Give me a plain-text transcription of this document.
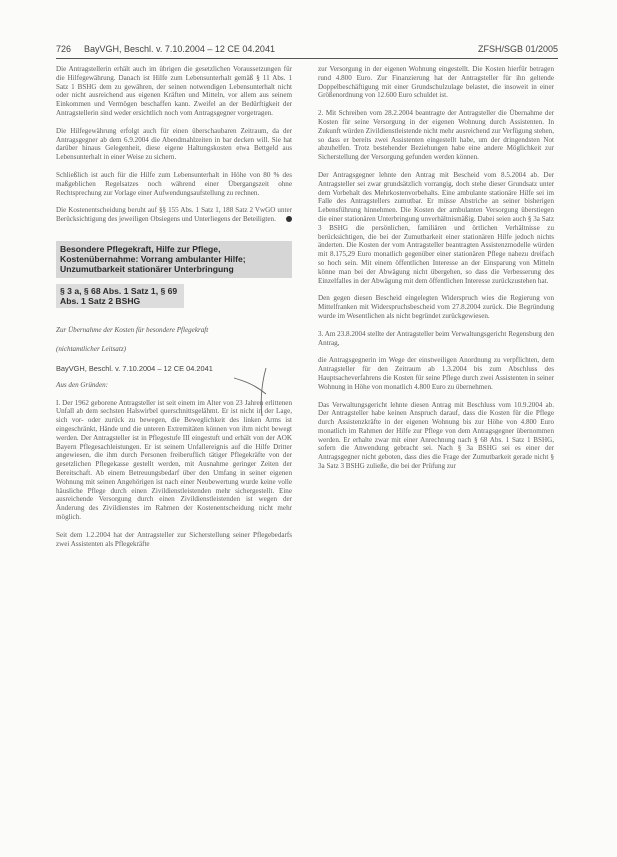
726 BayVGH, Beschl. v. 7.10.2004 – 12 CE 04.2041	ZFSH/SGB 01/2005

Die Antragstellerin erhält auch im übrigen die gesetzlichen Voraussetzungen für die Hilfegewährung. Danach ist Hilfe zum Lebensunterhalt gemäß § 11 Abs. 1 Satz 1 BSHG dem zu gewähren, der seinen notwendigen Lebensunterhalt nicht oder nicht ausreichend aus eigenen Kräften und Mitteln, vor allem aus seinem Einkommen und Vermögen beschaffen kann. Zweifel an der Bedürftigkeit der Antragstellerin sind weder ersichtlich noch vom Antragsgegner vorgetragen.

Die Hilfegewährung erfolgt auch für einen überschaubaren Zeitraum, da der Antragsgegner ab dem 6.9.2004 die Abendmahlzeiten in bar decken will. Sie hat darüber hinaus Gelegenheit, diese eigene Haltungskosten etwa Bettgeld aus Lebensunterhalt in einer Weise zu sichern.

Schließlich ist auch für die Hilfe zum Lebensunterhalt in Höhe von 80 % des maßgeblichen Regelsatzes noch während einer Übergangszeit ohne Rechtsprechung zur Vorlage einer Aufwendungsaufstellung zu rechnen.

Die Kostenentscheidung beruht auf §§ 155 Abs. 1 Satz 1, 188 Satz 2 VwGO unter Berücksichtigung des jeweiligen Obsiegens und Unterliegens der Beteiligten.

Besondere Pflegekraft, Hilfe zur Pflege, Kostenübernahme: Vorrang ambulanter Hilfe; Unzumutbarkeit stationärer Unterbringung
§ 3 a, § 68 Abs. 1 Satz 1, § 69 Abs. 1 Satz 2 BSHG

Zur Übernahme der Kosten für besondere Pflegekraft

(nichtamtlicher Leitsatz)

BayVGH, Beschl. v. 7.10.2004 – 12 CE 04.2041

Aus den Gründen:

I. Der 1962 geborene Antragsteller ist seit einem im Alter von 23 Jahren erlittenen Unfall ab dem sechsten Halswirbel querschnittsgelähmt. Er ist nicht in der Lage, sich vor- oder zurück zu bewegen, die Beweglichkeit des linken Arms ist eingeschränkt, Hände und die unteren Extremitäten können von ihm nicht bewegt werden. Der Antragsteller ist in Pflegestufe III eingestuft und erhält von der AOK Bayern Pflegesachleistungen. Er ist seinem Unfallereignis auf die Hilfe Dritter angewiesen, die ihm durch Personen freiberuflich tätiger Pflegekräfte von der gesetzlichen Pflegekasse gestellt werden, mit Ausnahme geringer Zeiten der Bereitschaft. Ab einem Betreuungsbedarf über den Umfang in seiner eigenen Wohnung mit seinen Angehörigen ist nach einer Neubewertung wurde keine volle häusliche Pflege durch einen Zivildienstleistenden mehr sichergestellt. Eine ausreichende Versorgung durch einen Zivildienstleistenden ist wegen der Änderung des Zivildienstes im Rahmen der Kostenentscheidung nicht mehr möglich.

Seit dem 1.2.2004 hat der Antragsteller zur Sicherstellung seiner Pflegebedarfs zwei Assistenten als Pflegekräfte

zur Versorgung in der eigenen Wohnung eingestellt. Die Kosten hierfür betragen rund 4.800 Euro. Zur Finanzierung hat der Antragsteller für ihn geltende Doppelbeschäftigung mit einer Grundschulzulage belastet, die insoweit in einer Größenordnung von 12.600 Euro schuldet ist.

2. Mit Schreiben vom 28.2.2004 beantragte der Antragsteller die Übernahme der Kosten für seine Versorgung in der eigenen Wohnung durch Assistenten. In Zukunft würden Zivildienstleistende nicht mehr ausreichend zur Verfügung stehen, so dass er bereits zwei Assistenten eingestellt habe, um der dringendsten Not abzuhelfen. Trotz bestehender Beziehungen habe eine andere Möglichkeit zur Sicherstellung der Versorgung gefunden werden können.

Der Antragsgegner lehnte den Antrag mit Bescheid vom 8.5.2004 ab. Der Antragsteller sei zwar grundsätzlich vorrangig, doch stehe dieser Grundsatz unter dem Vorbehalt des Mehrkostenvorbehalts. Eine ambulante stationäre Hilfe sei im Falle des Antragstellers zumutbar. Er müsse Abstriche an seiner bisherigen Lebensführung hinnehmen. Die Kosten der ambulanten Versorgung überstiegen die einer stationären Unterbringung unverhältnismäßig. Dabei seien auch § 3a Satz 3 BSHG die persönlichen, familiären und örtlichen Verhältnisse zu berücksichtigen, die bei der Zumutbarkeit einer stationären Hilfe jedoch nichts änderten. Die Kosten der vom Antragsteller beantragten Assistenzmodelle würden mit 8.175,29 Euro monatlich gegenüber einer stationären Pflege nahezu dreifach so hoch sein. Mit einem öffentlichen Interesse an der Einsparung von Mitteln könne man bei der Abwägung nicht übergehen, so dass die Verbesserung des Einzelfalles in der Abwägung mit dem öffentlichen Interesse zurückzustehen hat.

Den gegen diesen Bescheid eingelegten Widerspruch wies die Regierung von Mittelfranken mit Widerspruchsbescheid vom 27.8.2004 zurück. Die Begründung wurde im Wesentlichen als nicht begründet zurückgewiesen.

3. Am 23.8.2004 stellte der Antragsteller beim Verwaltungsgericht Regensburg den Antrag,

die Antragsgegnerin im Wege der einstweiligen Anordnung zu verpflichten, dem Antragsteller für den Zeitraum ab 1.3.2004 bis zum Abschluss des Hauptsacheverfahrens die Kosten für seine Pflege durch zwei Assistenten in seiner Wohnung in Höhe von monatlich 4.800 Euro zu übernehmen.

Das Verwaltungsgericht lehnte diesen Antrag mit Beschluss vom 10.9.2004 ab. Der Antragsteller habe keinen Anspruch darauf, dass die Kosten für die Pflege durch Assistenzkräfte in der eigenen Wohnung bis zur Höhe von 4.800 Euro monatlich im Rahmen der Hilfe zur Pflege von dem Antragsgegner übernommen werden. Er erhalte zwar mit einer Anrechnung nach § 68 Abs. 1 Satz 1 BSHG, sofern die Anwendung gebracht sei. Nach § 3a BSHG sei es einer der Antragsgegner nicht geboten, dass dies die Frage der Zumutbarkeit gerade nicht § 3a Satz 3 BSHG zuließe, die bei der Prüfung zur
